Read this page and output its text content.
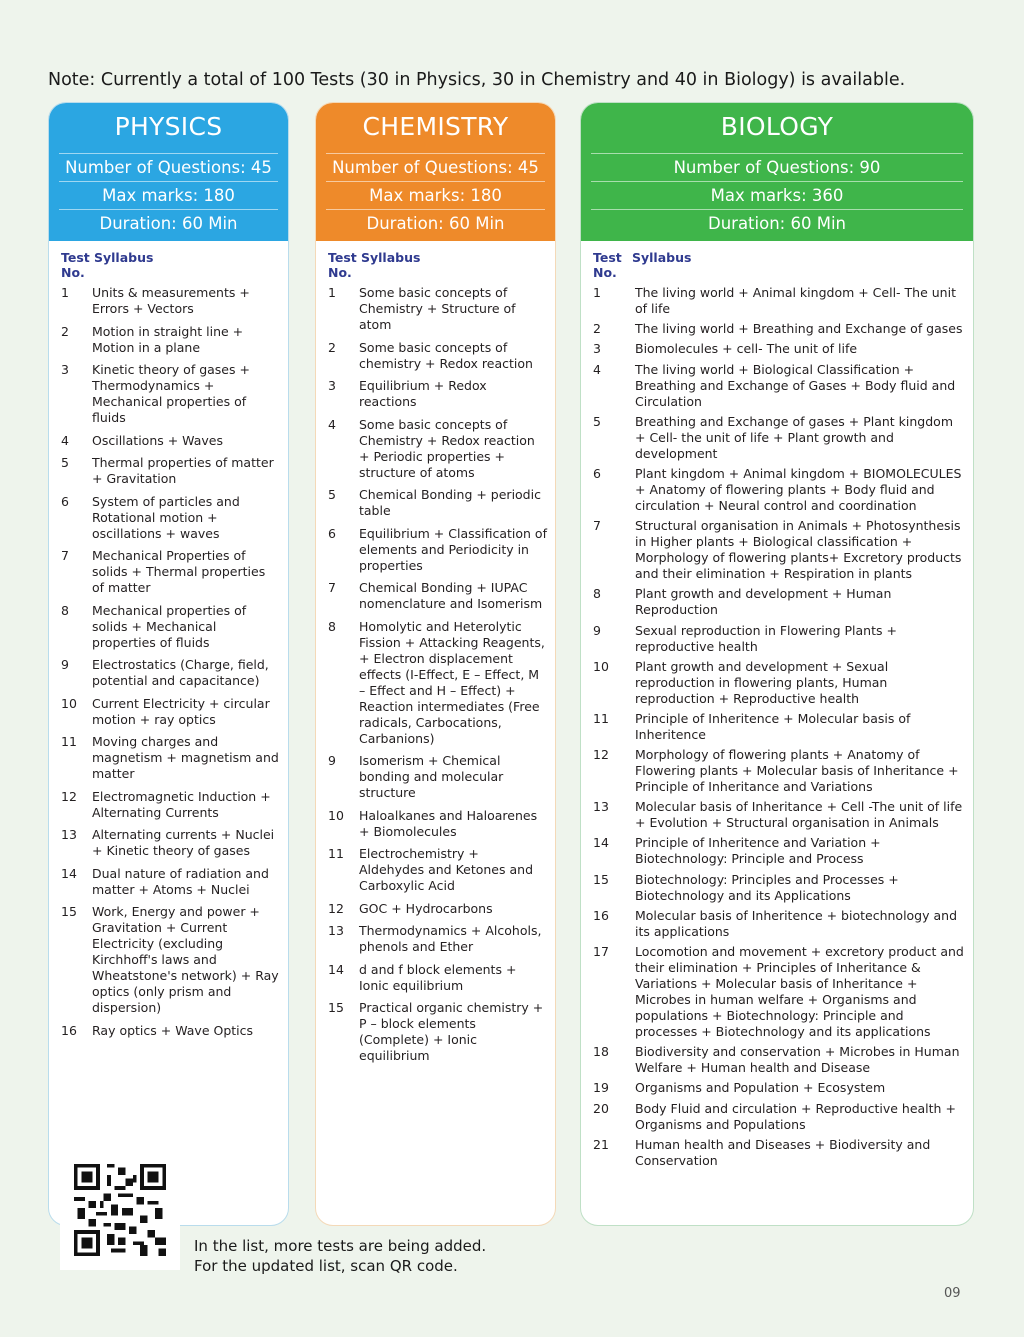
Note: Currently a total of 100 Tests (30 in Physics, 30 in Chemistry and 40 in Biology) is available.
PHYSICS
Number of Questions: 45
Max marks: 180
Duration: 60 Min
Test
No.
Syllabus
1	Units & measurements + Errors + Vectors
2	Motion in straight line + Motion in a plane
3	Kinetic theory of gases + Thermodynamics + Mechanical properties of fluids
4	Oscillations + Waves
5	Thermal properties of matter + Gravitation
6	System of particles and Rotational motion + oscillations + waves
7	Mechanical Properties of solids + Thermal properties of matter
8	Mechanical properties of solids + Mechanical properties of fluids
9	Electrostatics (Charge, field, potential and capacitance)
10	Current Electricity + circular motion + ray optics
11	Moving charges and magnetism + magnetism and matter
12	Electromagnetic Induction + Alternating Currents
13	Alternating currents + Nuclei + Kinetic theory of gases
14	Dual nature of radiation and matter + Atoms + Nuclei
15	Work, Energy and power + Gravitation + Current Electricity (excluding Kirchhoff's laws and Wheatstone's network) + Ray optics (only prism and dispersion)
16	Ray optics + Wave Optics
CHEMISTRY
Number of Questions: 45
Max marks: 180
Duration: 60 Min
Test
No.
Syllabus
1	Some basic concepts of Chemistry + Structure of atom
2	Some basic concepts of chemistry + Redox reaction
3	Equilibrium + Redox reactions
4	Some basic concepts of Chemistry + Redox reaction + Periodic properties + structure of atoms
5	Chemical Bonding + periodic table
6	Equilibrium + Classification of elements and Periodicity in properties
7	Chemical Bonding + IUPAC nomenclature and Isomerism
8	Homolytic and Heterolytic Fission + Attacking Reagents, + Electron displacement effects (I-Effect, E – Effect, M – Effect and H – Effect) + Reaction intermediates (Free radicals, Carbocations, Carbanions)
9	Isomerism + Chemical bonding and molecular structure
10	Haloalkanes and Haloarenes + Biomolecules
11	Electrochemistry + Aldehydes and Ketones and Carboxylic Acid
12	GOC + Hydrocarbons
13	Thermodynamics + Alcohols, phenols and Ether
14	d and f block elements + Ionic equilibrium
15	Practical organic chemistry + P – block elements (Complete) + Ionic equilibrium
BIOLOGY
Number of Questions: 90
Max marks: 360
Duration: 60 Min
Test
No.
Syllabus
1	The living world + Animal kingdom + Cell- The unit of life
2	The living world + Breathing and Exchange of gases
3	Biomolecules + cell- The unit of life
4	The living world + Biological Classification + Breathing and Exchange of Gases + Body fluid and Circulation
5	Breathing and Exchange of gases + Plant kingdom + Cell- the unit of life + Plant growth and development
6	Plant kingdom + Animal kingdom + BIOMOLECULES + Anatomy of flowering plants + Body fluid and circulation + Neural control and coordination
7	Structural organisation in Animals + Photosynthesis in Higher plants + Biological classification + Morphology of flowering plants+ Excretory products and their elimination + Respiration in plants
8	Plant growth and development + Human Reproduction
9	Sexual reproduction in Flowering Plants + reproductive health
10	Plant growth and development + Sexual reproduction in flowering plants, Human reproduction + Reproductive health
11	Principle of Inheritence + Molecular basis of Inheritence
12	Morphology of flowering plants + Anatomy of Flowering plants + Molecular basis of Inheritance + Principle of Inheritance and Variations
13	Molecular basis of Inheritance + Cell -The unit of life + Evolution + Structural organisation in Animals
14	Principle of Inheritence and Variation + Biotechnology: Principle and Process
15	Biotechnology: Principles and Processes + Biotechnology and its Applications
16	Molecular basis of Inheritence + biotechnology and its applications
17	Locomotion and movement + excretory product and their elimination + Principles of Inheritance & Variations + Molecular basis of Inheritance + Microbes in human welfare + Organisms and populations + Biotechnology: Principle and processes + Biotechnology and its applications
18	Biodiversity and conservation + Microbes in Human Welfare + Human health and Disease
19	Organisms and Population + Ecosystem
20	Body Fluid and circulation + Reproductive health + Organisms and Populations
21	Human health and Diseases + Biodiversity and Conservation
In the list, more tests are being added.
For the updated list, scan QR code.
09
